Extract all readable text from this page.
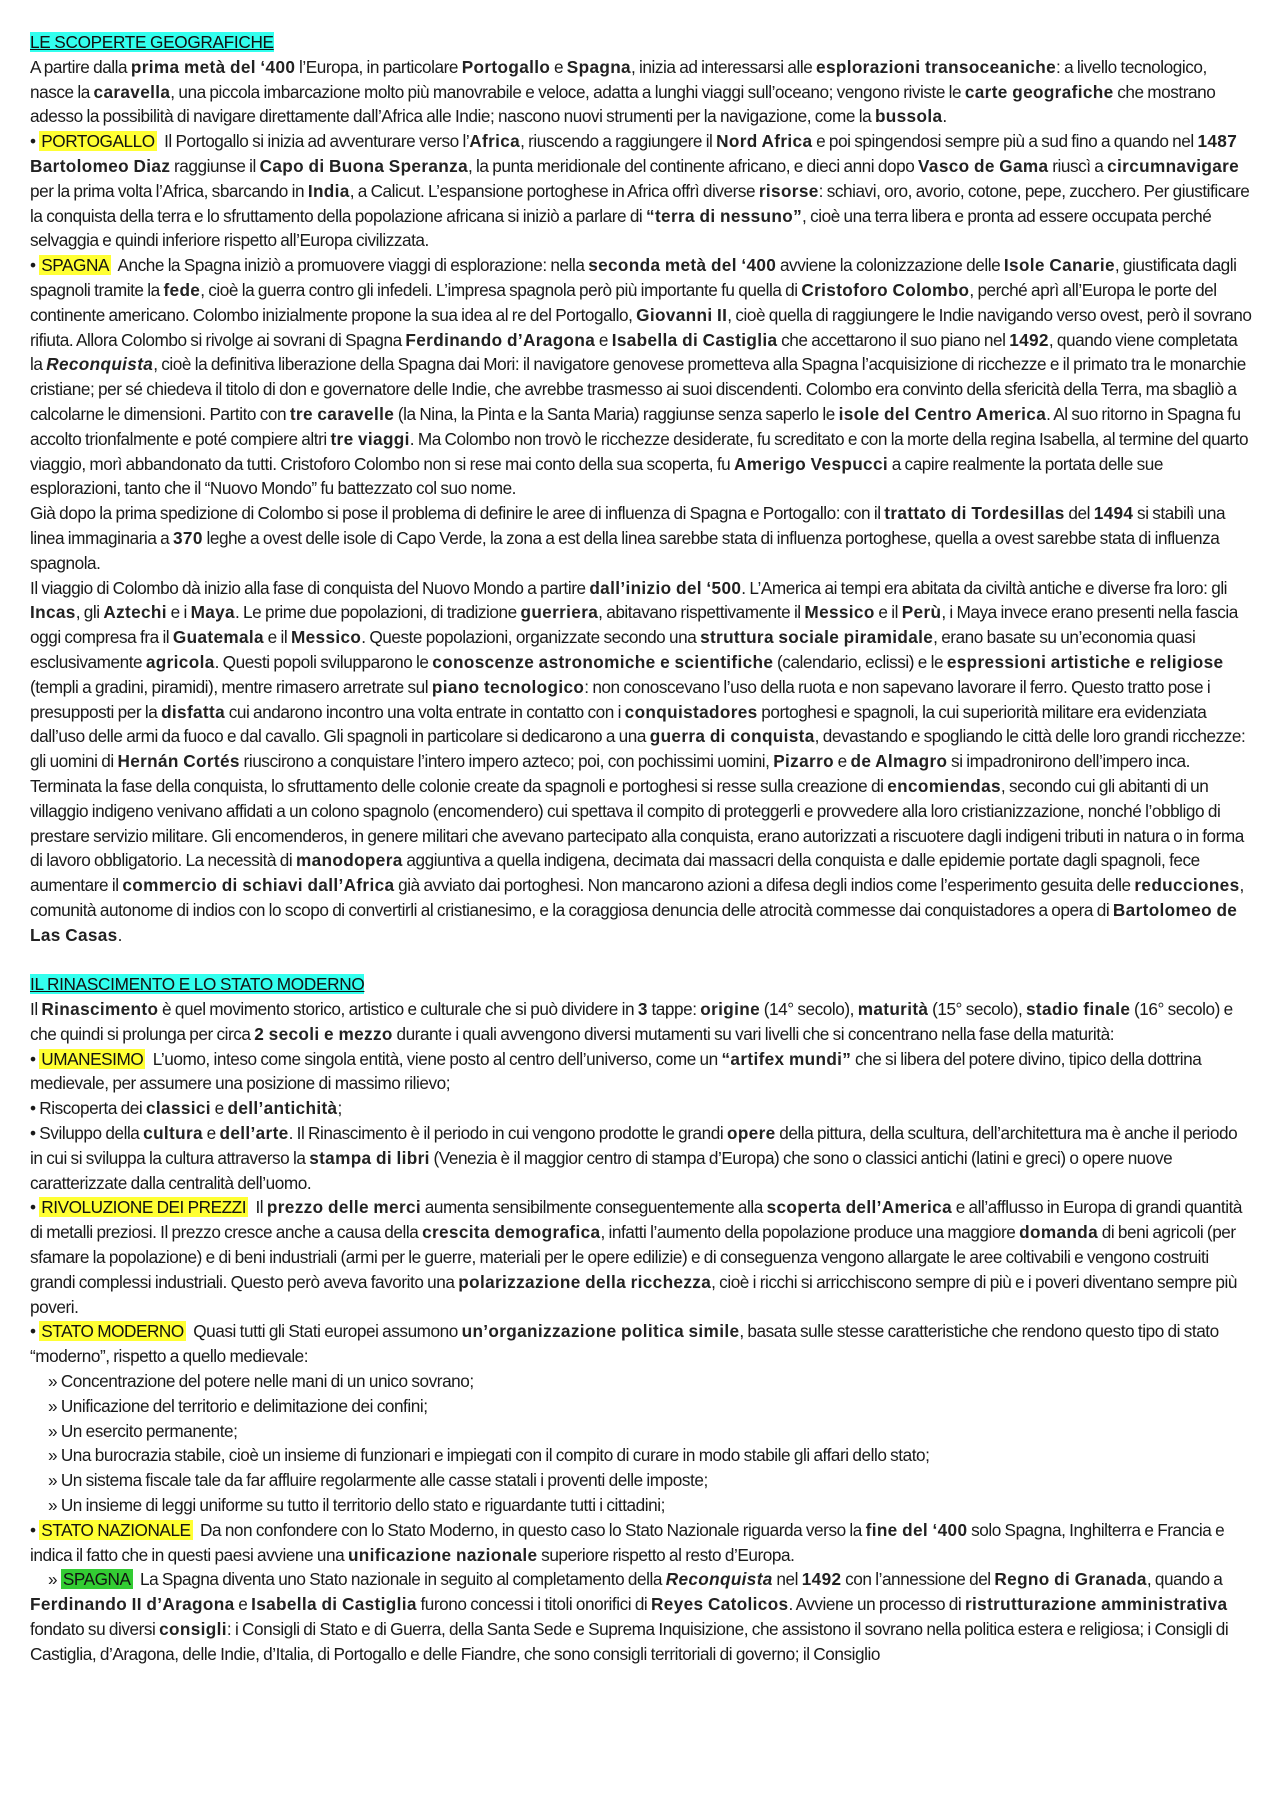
LE SCOPERTE GEOGRAFICHE

A partire dalla prima metà del ‘400 l’Europa, in particolare Portogallo e Spagna, inizia ad interessarsi alle esplorazioni transoceaniche: a livello tecnologico, nasce la caravella, una piccola imbarcazione molto più manovrabile e veloce, adatta a lunghi viaggi sull’oceano; vengono riviste le carte geografiche che mostrano adesso la possibilità di navigare direttamente dall’Africa alle Indie; nascono nuovi strumenti per la navigazione, come la bussola.

• PORTOGALLO Il Portogallo si inizia ad avventurare verso l’Africa, riuscendo a raggiungere il Nord Africa e poi spingendosi sempre più a sud fino a quando nel 1487 Bartolomeo Diaz raggiunse il Capo di Buona Speranza, la punta meridionale del continente africano, e dieci anni dopo Vasco de Gama riuscì a circumnavigare per la prima volta l’Africa, sbarcando in India, a Calicut. L’espansione portoghese in Africa offrì diverse risorse: schiavi, oro, avorio, cotone, pepe, zucchero. Per giustificare la conquista della terra e lo sfruttamento della popolazione africana si iniziò a parlare di “terra di nessuno”, cioè una terra libera e pronta ad essere occupata perché selvaggia e quindi inferiore rispetto all’Europa civilizzata.

• SPAGNA Anche la Spagna iniziò a promuovere viaggi di esplorazione: nella seconda metà del ‘400 avviene la colonizzazione delle Isole Canarie, giustificata dagli spagnoli tramite la fede, cioè la guerra contro gli infedeli. L’impresa spagnola però più importante fu quella di Cristoforo Colombo, perché aprì all’Europa le porte del continente americano. Colombo inizialmente propone la sua idea al re del Portogallo, Giovanni II, cioè quella di raggiungere le Indie navigando verso ovest, però il sovrano rifiuta. Allora Colombo si rivolge ai sovrani di Spagna Ferdinando d’Aragona e Isabella di Castiglia che accettarono il suo piano nel 1492, quando viene completata la Reconquista, cioè la definitiva liberazione della Spagna dai Mori: il navigatore genovese prometteva alla Spagna l’acquisizione di ricchezze e il primato tra le monarchie cristiane; per sé chiedeva il titolo di don e governatore delle Indie, che avrebbe trasmesso ai suoi discendenti. Colombo era convinto della sfericità della Terra, ma sbagliò a calcolarne le dimensioni. Partito con tre caravelle (la Nina, la Pinta e la Santa Maria) raggiunse senza saperlo le isole del Centro America. Al suo ritorno in Spagna fu accolto trionfalmente e poté compiere altri tre viaggi. Ma Colombo non trovò le ricchezze desiderate, fu screditato e con la morte della regina Isabella, al termine del quarto viaggio, morì abbandonato da tutti. Cristoforo Colombo non si rese mai conto della sua scoperta, fu Amerigo Vespucci a capire realmente la portata delle sue esplorazioni, tanto che il “Nuovo Mondo” fu battezzato col suo nome.

Già dopo la prima spedizione di Colombo si pose il problema di definire le aree di influenza di Spagna e Portogallo: con il trattato di Tordesillas del 1494 si stabilì una linea immaginaria a 370 leghe a ovest delle isole di Capo Verde, la zona a est della linea sarebbe stata di influenza portoghese, quella a ovest sarebbe stata di influenza spagnola.

Il viaggio di Colombo dà inizio alla fase di conquista del Nuovo Mondo a partire dall’inizio del ‘500. L’America ai tempi era abitata da civiltà antiche e diverse fra loro: gli Incas, gli Aztechi e i Maya. Le prime due popolazioni, di tradizione guerriera, abitavano rispettivamente il Messico e il Perù, i Maya invece erano presenti nella fascia oggi compresa fra il Guatemala e il Messico. Queste popolazioni, organizzate secondo una struttura sociale piramidale, erano basate su un’economia quasi esclusivamente agricola. Questi popoli svilupparono le conoscenze astronomiche e scientifiche (calendario, eclissi) e le espressioni artistiche e religiose (templi a gradini, piramidi), mentre rimasero arretrate sul piano tecnologico: non conoscevano l’uso della ruota e non sapevano lavorare il ferro. Questo tratto pose i presupposti per la disfatta cui andarono incontro una volta entrate in contatto con i conquistadores portoghesi e spagnoli, la cui superiorità militare era evidenziata dall’uso delle armi da fuoco e dal cavallo. Gli spagnoli in particolare si dedicarono a una guerra di conquista, devastando e spogliando le città delle loro grandi ricchezze: gli uomini di Hernán Cortés riuscirono a conquistare l’intero impero azteco; poi, con pochissimi uomini, Pizarro e de Almagro si impadronirono dell’impero inca. Terminata la fase della conquista, lo sfruttamento delle colonie create da spagnoli e portoghesi si resse sulla creazione di encomiendas, secondo cui gli abitanti di un villaggio indigeno venivano affidati a un colono spagnolo (encomendero) cui spettava il compito di proteggerli e provvedere alla loro cristianizzazione, nonché l’obbligo di prestare servizio militare. Gli encomenderos, in genere militari che avevano partecipato alla conquista, erano autorizzati a riscuotere dagli indigeni tributi in natura o in forma di lavoro obbligatorio. La necessità di manodopera aggiuntiva a quella indigena, decimata dai massacri della conquista e dalle epidemie portate dagli spagnoli, fece aumentare il commercio di schiavi dall’Africa già avviato dai portoghesi. Non mancarono azioni a difesa degli indios come l’esperimento gesuita delle reducciones, comunità autonome di indios con lo scopo di convertirli al cristianesimo, e la coraggiosa denuncia delle atrocità commesse dai conquistadores a opera di Bartolomeo de Las Casas.

IL RINASCIMENTO E LO STATO MODERNO

Il Rinascimento è quel movimento storico, artistico e culturale che si può dividere in 3 tappe: origine (14° secolo), maturità (15° secolo), stadio finale (16° secolo) e che quindi si prolunga per circa 2 secoli e mezzo durante i quali avvengono diversi mutamenti su vari livelli che si concentrano nella fase della maturità:

• UMANESIMO L’uomo, inteso come singola entità, viene posto al centro dell’universo, come un “artifex mundi” che si libera del potere divino, tipico della dottrina medievale, per assumere una posizione di massimo rilievo;

• Riscoperta dei classici e dell’antichità;

• Sviluppo della cultura e dell’arte. Il Rinascimento è il periodo in cui vengono prodotte le grandi opere della pittura, della scultura, dell’architettura ma è anche il periodo in cui si sviluppa la cultura attraverso la stampa di libri (Venezia è il maggior centro di stampa d’Europa) che sono o classici antichi (latini e greci) o opere nuove caratterizzate dalla centralità dell’uomo.

• RIVOLUZIONE DEI PREZZI Il prezzo delle merci aumenta sensibilmente conseguentemente alla scoperta dell’America e all’afflusso in Europa di grandi quantità di metalli preziosi. Il prezzo cresce anche a causa della crescita demografica, infatti l’aumento della popolazione produce una maggiore domanda di beni agricoli (per sfamare la popolazione) e di beni industriali (armi per le guerre, materiali per le opere edilizie) e di conseguenza vengono allargate le aree coltivabili e vengono costruiti grandi complessi industriali. Questo però aveva favorito una polarizzazione della ricchezza, cioè i ricchi si arricchiscono sempre di più e i poveri diventano sempre più poveri.

• STATO MODERNO Quasi tutti gli Stati europei assumono un’organizzazione politica simile, basata sulle stesse caratteristiche che rendono questo tipo di stato “moderno”, rispetto a quello medievale:

» Concentrazione del potere nelle mani di un unico sovrano;

» Unificazione del territorio e delimitazione dei confini;

» Un esercito permanente;

» Una burocrazia stabile, cioè un insieme di funzionari e impiegati con il compito di curare in modo stabile gli affari dello stato;

» Un sistema fiscale tale da far affluire regolarmente alle casse statali i proventi delle imposte;

» Un insieme di leggi uniforme su tutto il territorio dello stato e riguardante tutti i cittadini;

• STATO NAZIONALE Da non confondere con lo Stato Moderno, in questo caso lo Stato Nazionale riguarda verso la fine del ‘400 solo Spagna, Inghilterra e Francia e indica il fatto che in questi paesi avviene una unificazione nazionale superiore rispetto al resto d’Europa.

» SPAGNA La Spagna diventa uno Stato nazionale in seguito al completamento della Reconquista nel 1492 con l’annessione del Regno di Granada, quando a Ferdinando II d’Aragona e Isabella di Castiglia furono concessi i titoli onorifici di Reyes Catolicos. Avviene un processo di ristrutturazione amministrativa fondato su diversi consigli: i Consigli di Stato e di Guerra, della Santa Sede e Suprema Inquisizione, che assistono il sovrano nella politica estera e religiosa; i Consigli di Castiglia, d’Aragona, delle Indie, d’Italia, di Portogallo e delle Fiandre, che sono consigli territoriali di governo; il Consiglio
